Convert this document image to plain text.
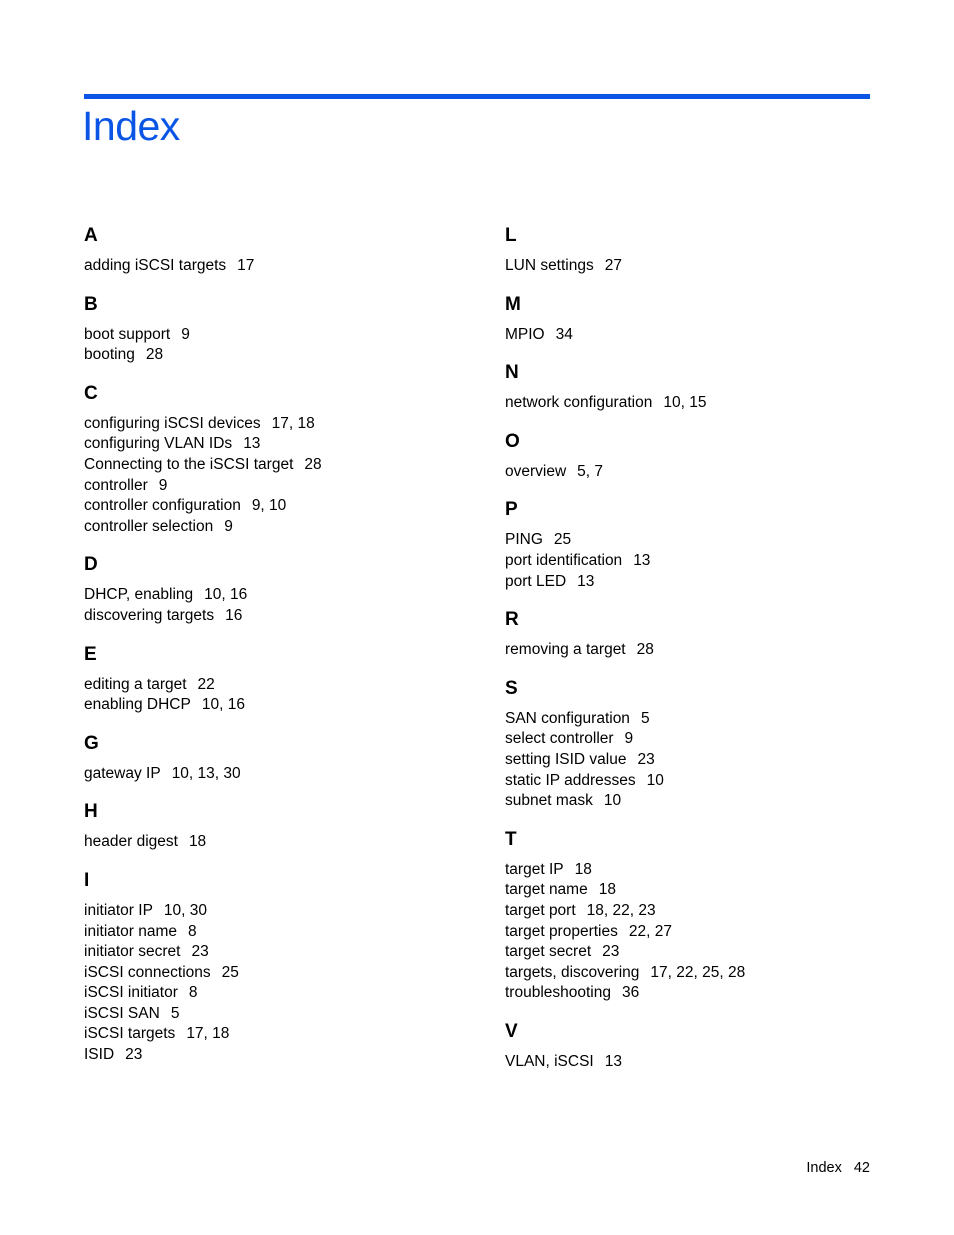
Index
A
adding iSCSI targets 17
B
boot support 9
booting 28
C
configuring iSCSI devices 17, 18
configuring VLAN IDs 13
Connecting to the iSCSI target 28
controller 9
controller configuration 9, 10
controller selection 9
D
DHCP, enabling 10, 16
discovering targets 16
E
editing a target 22
enabling DHCP 10, 16
G
gateway IP 10, 13, 30
H
header digest 18
I
initiator IP 10, 30
initiator name 8
initiator secret 23
iSCSI connections 25
iSCSI initiator 8
iSCSI SAN 5
iSCSI targets 17, 18
ISID 23
L
LUN settings 27
M
MPIO 34
N
network configuration 10, 15
O
overview 5, 7
P
PING 25
port identification 13
port LED 13
R
removing a target 28
S
SAN configuration 5
select controller 9
setting ISID value 23
static IP addresses 10
subnet mask 10
T
target IP 18
target name 18
target port 18, 22, 23
target properties 22, 27
target secret 23
targets, discovering 17, 22, 25, 28
troubleshooting 36
V
VLAN, iSCSI 13
Index 42
